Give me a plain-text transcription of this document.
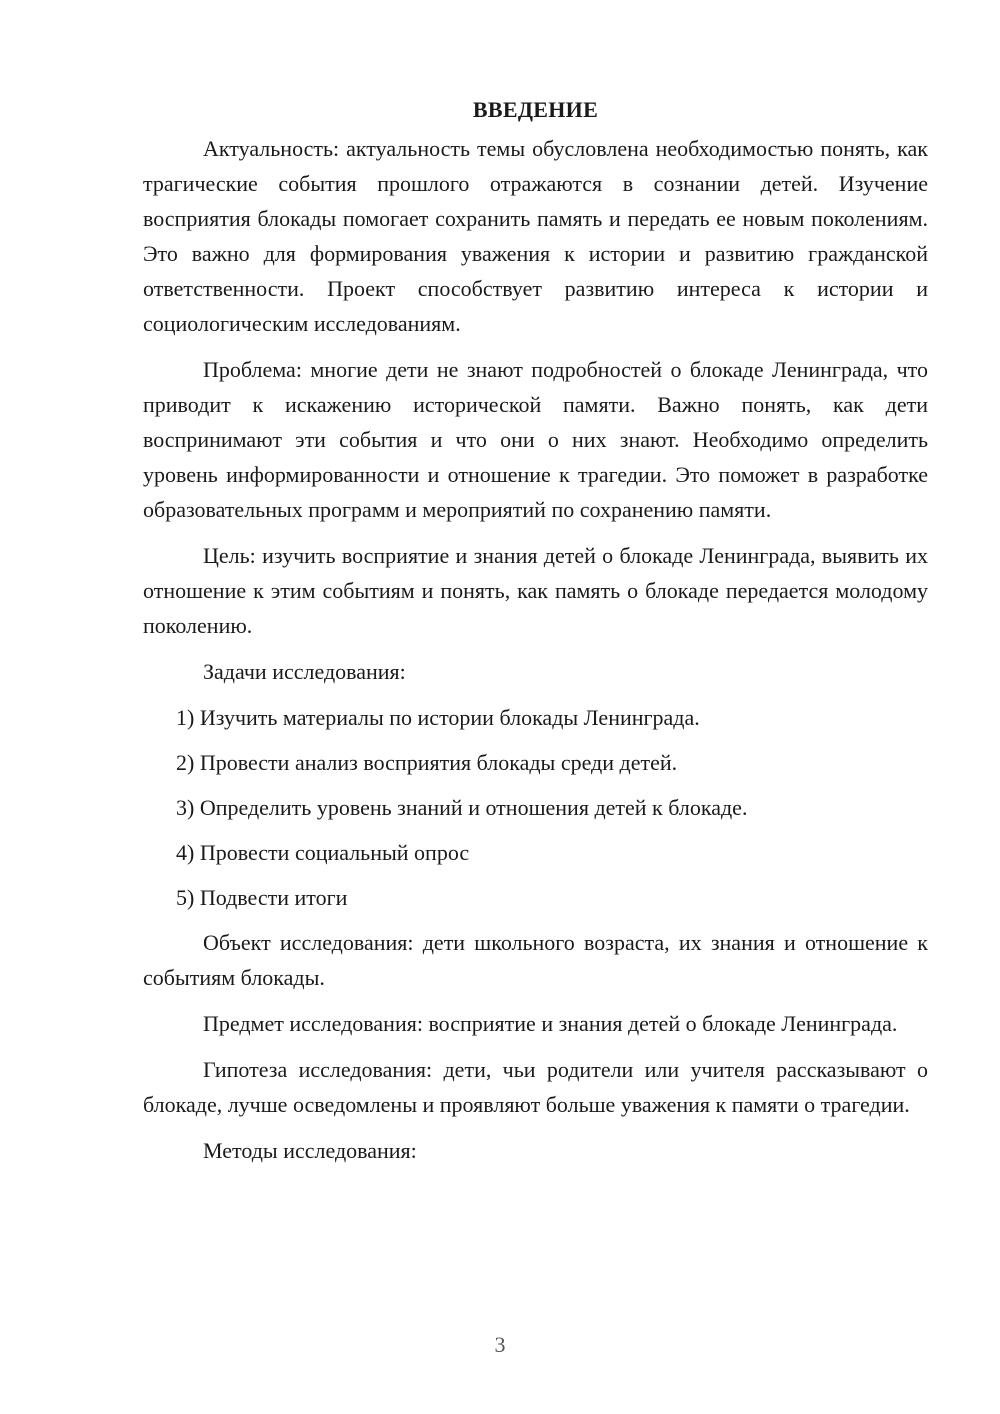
ВВЕДЕНИЕ

Актуальность: актуальность темы обусловлена необходимостью понять, как трагические события прошлого отражаются в сознании детей. Изучение восприятия блокады помогает сохранить память и передать ее новым поколениям. Это важно для формирования уважения к истории и развитию гражданской ответственности. Проект способствует развитию интереса к истории и социологическим исследованиям.

Проблема: многие дети не знают подробностей о блокаде Ленинграда, что приводит к искажению исторической памяти. Важно понять, как дети воспринимают эти события и что они о них знают. Необходимо определить уровень информированности и отношение к трагедии. Это поможет в разработке образовательных программ и мероприятий по сохранению памяти.

Цель: изучить восприятие и знания детей о блокаде Ленинграда, выявить их отношение к этим событиям и понять, как память о блокаде передается молодому поколению.

Задачи исследования:

1) Изучить материалы по истории блокады Ленинграда.
2) Провести анализ восприятия блокады среди детей.
3) Определить уровень знаний и отношения детей к блокаде.
4) Провести социальный опрос
5) Подвести итоги

Объект исследования: дети школьного возраста, их знания и отношение к событиям блокады.

Предмет исследования: восприятие и знания детей о блокаде Ленинграда.

Гипотеза исследования: дети, чьи родители или учителя рассказывают о блокаде, лучше осведомлены и проявляют больше уважения к памяти о трагедии.

Методы исследования:

3
